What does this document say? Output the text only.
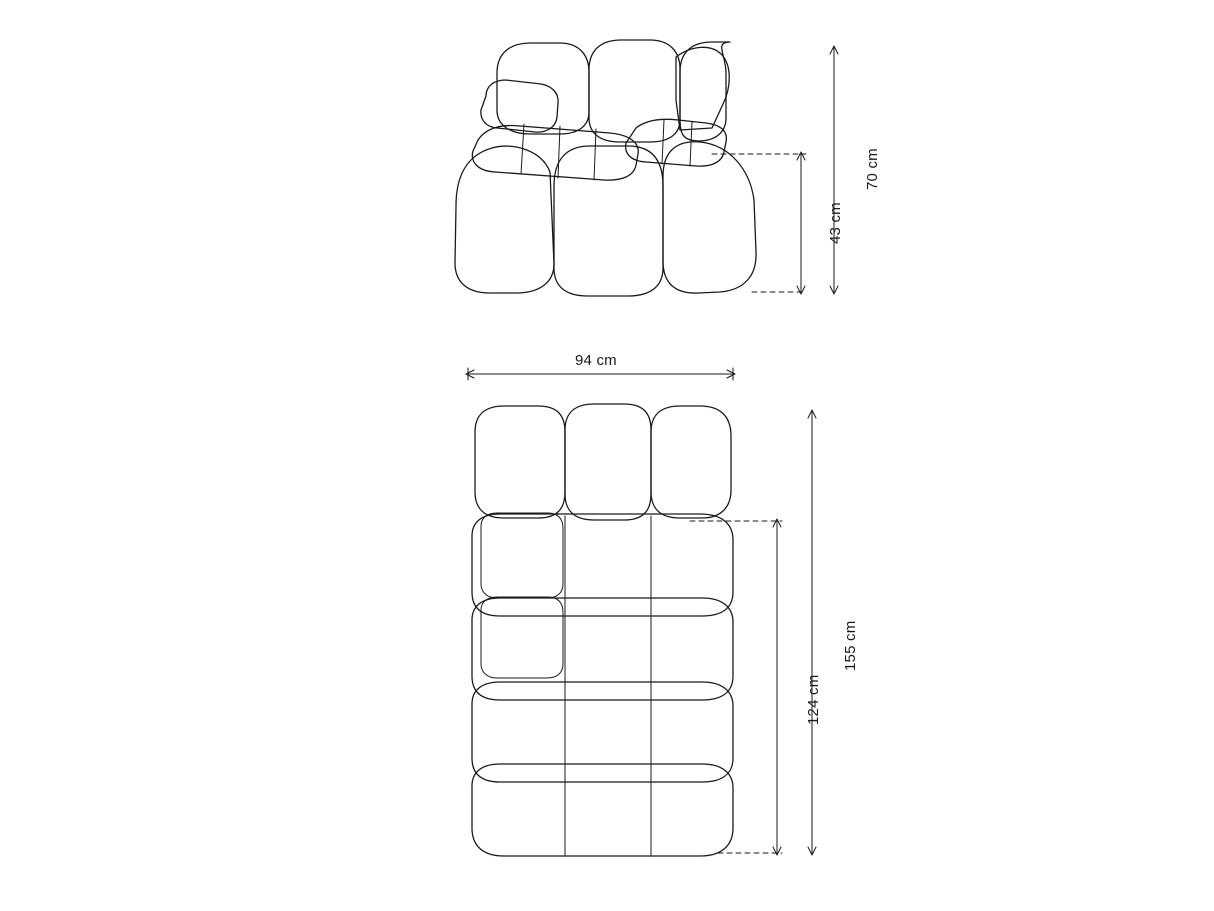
70 cm
43 cm
94 cm
155 cm
124 cm
